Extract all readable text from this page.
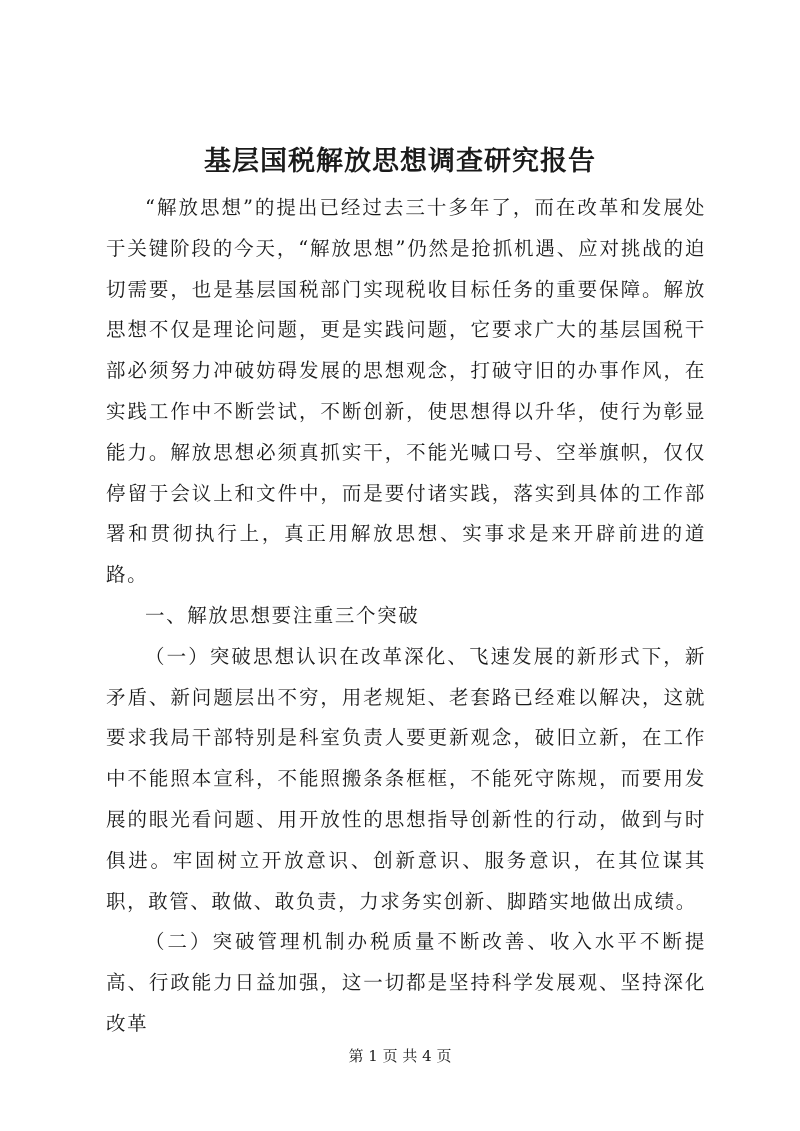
基层国税解放思想调查研究报告

“解放思想”的提出已经过去三十多年了，而在改革和发展处于关键阶段的今天，“解放思想”仍然是抢抓机遇、应对挑战的迫切需要，也是基层国税部门实现税收目标任务的重要保障。解放思想不仅是理论问题，更是实践问题，它要求广大的基层国税干部必须努力冲破妨碍发展的思想观念，打破守旧的办事作风，在实践工作中不断尝试，不断创新，使思想得以升华，使行为彰显能力。解放思想必须真抓实干，不能光喊口号、空举旗帜，仅仅停留于会议上和文件中，而是要付诸实践，落实到具体的工作部署和贯彻执行上，真正用解放思想、实事求是来开辟前进的道路。

一、解放思想要注重三个突破

（一）突破思想认识在改革深化、飞速发展的新形式下，新矛盾、新问题层出不穷，用老规矩、老套路已经难以解决，这就要求我局干部特别是科室负责人要更新观念，破旧立新，在工作中不能照本宣科，不能照搬条条框框，不能死守陈规，而要用发展的眼光看问题、用开放性的思想指导创新性的行动，做到与时俱进。牢固树立开放意识、创新意识、服务意识，在其位谋其职，敢管、敢做、敢负责，力求务实创新、脚踏实地做出成绩。

（二）突破管理机制办税质量不断改善、收入水平不断提高、行政能力日益加强，这一切都是坚持科学发展观、坚持深化改革

第 1 页 共 4 页
